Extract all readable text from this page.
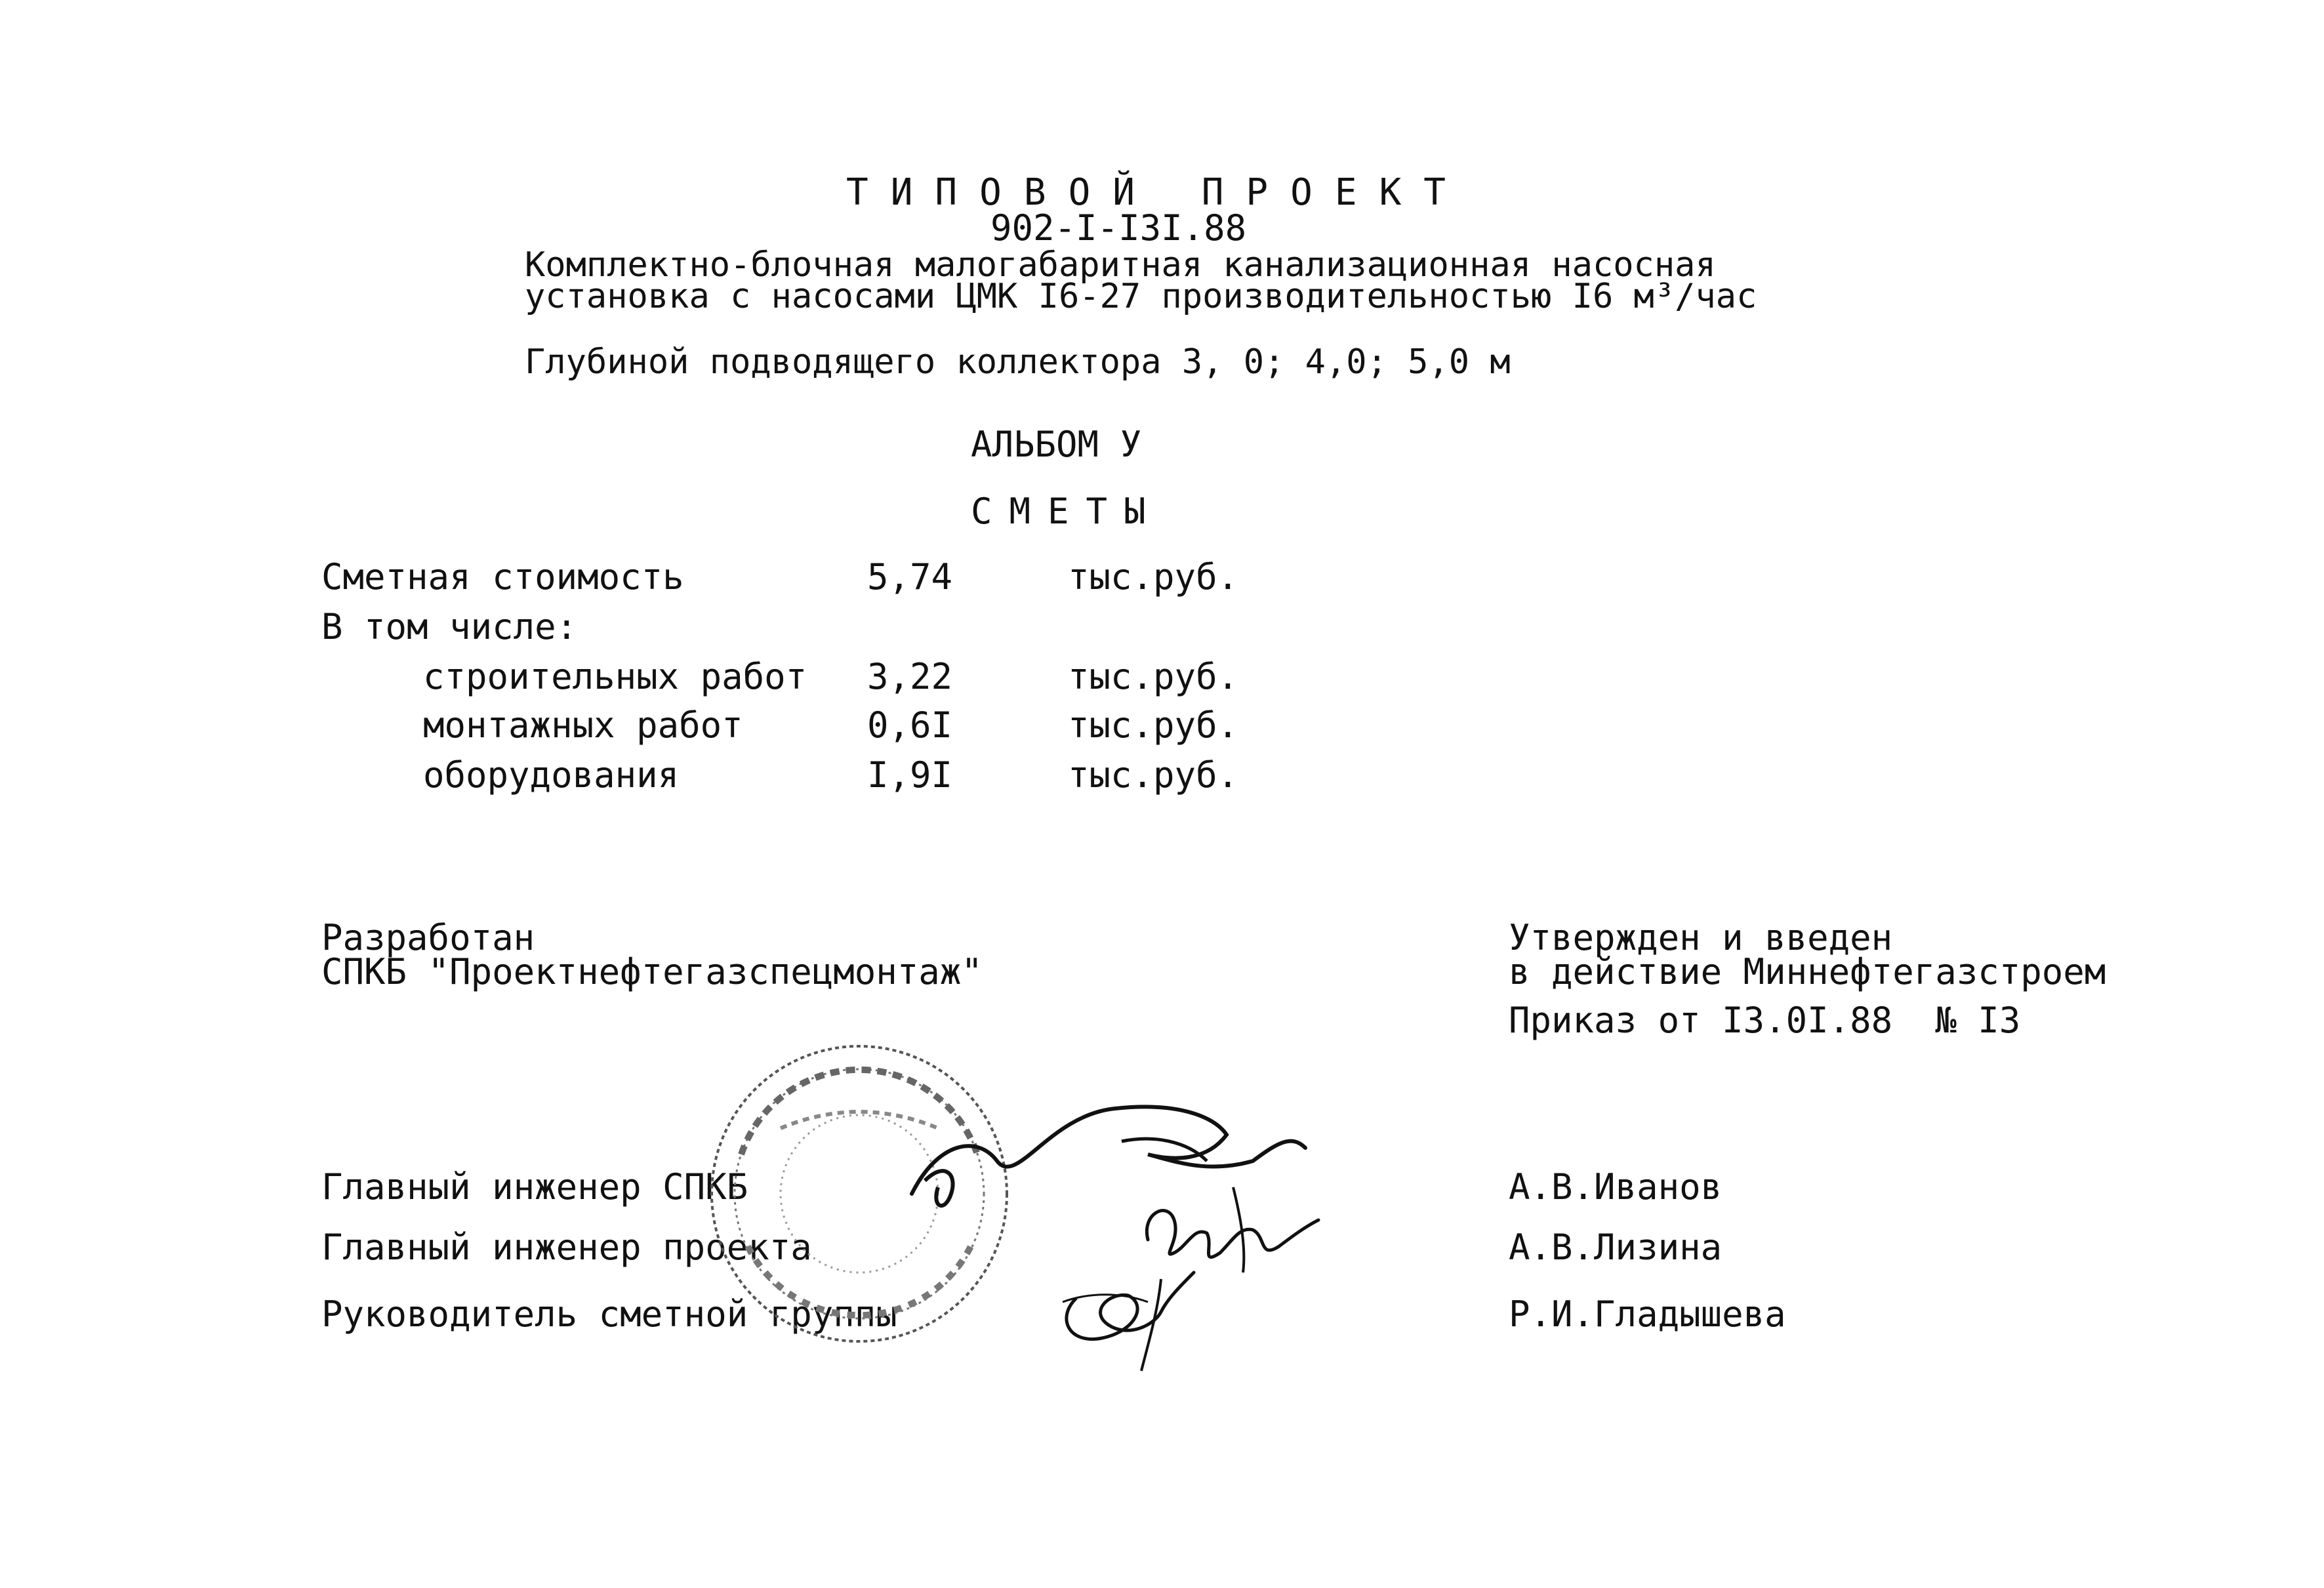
ТИПОВОЙ ПРОЕКТ
902-I-I3I.88
Комплектно-блочная малогабаритная канализационная насосная
установка с насосами ЦМК I6-27 производительностью I6 м³/час
Глубиной подводящего коллектора 3, 0; 4,0; 5,0 м
АЛЬБОМ У
СМЕТЫ
Сметная стоимость	5,74	тыс.руб.
В том числе:
строительных работ 3,22	тыс.руб.
монтажных работ	0,6I	тыс.руб.
оборудования	I,9I	тыс.руб.
Разработан
СПКБ "Проектнефтегазспецмонтаж"
Утвержден и введен
в действие Миннефтегазстроем
Приказ от I3.0I.88  № I3
Главный инженер СПКБ	А.В.Иванов
Главный инженер проекта	А.В.Лизина
Руководитель сметной группы	Р.И.Гладышева
